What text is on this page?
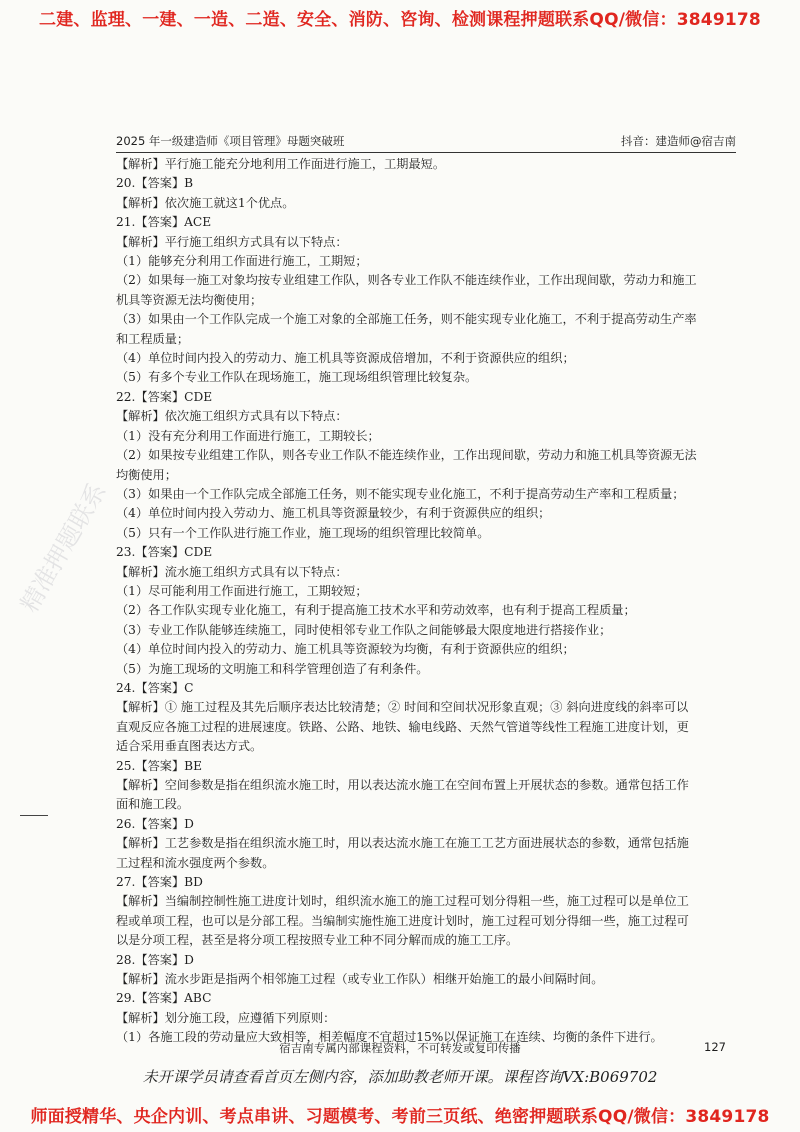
二建、监理、一建、一造、二造、安全、消防、咨询、检测课程押题联系QQ/微信：3849178
2025 年一级建造师《项目管理》母题突破班	抖音：建造师@宿吉南
精准押题联系

【解析】平行施工能充分地利用工作面进行施工，工期最短。

20.【答案】B

【解析】依次施工就这1个优点。

21.【答案】ACE

【解析】平行施工组织方式具有以下特点：

（1）能够充分利用工作面进行施工，工期短；

（2）如果每一施工对象均按专业组建工作队，则各专业工作队不能连续作业，工作出现间歇，劳动力和施工

机具等资源无法均衡使用；

（3）如果由一个工作队完成一个施工对象的全部施工任务，则不能实现专业化施工，不利于提高劳动生产率

和工程质量；

（4）单位时间内投入的劳动力、施工机具等资源成倍增加，不利于资源供应的组织；

（5）有多个专业工作队在现场施工，施工现场组织管理比较复杂。

22.【答案】CDE

【解析】依次施工组织方式具有以下特点：

（1）没有充分利用工作面进行施工，工期较长；

（2）如果按专业组建工作队，则各专业工作队不能连续作业，工作出现间歇，劳动力和施工机具等资源无法

均衡使用；

（3）如果由一个工作队完成全部施工任务，则不能实现专业化施工，不利于提高劳动生产率和工程质量；

（4）单位时间内投入劳动力、施工机具等资源量较少，有利于资源供应的组织；

（5）只有一个工作队进行施工作业，施工现场的组织管理比较简单。

23.【答案】CDE

【解析】流水施工组织方式具有以下特点：

（1）尽可能利用工作面进行施工，工期较短；

（2）各工作队实现专业化施工，有利于提高施工技术水平和劳动效率，也有利于提高工程质量；

（3）专业工作队能够连续施工，同时使相邻专业工作队之间能够最大限度地进行搭接作业；

（4）单位时间内投入的劳动力、施工机具等资源较为均衡，有利于资源供应的组织；

（5）为施工现场的文明施工和科学管理创造了有利条件。

24.【答案】C

【解析】① 施工过程及其先后顺序表达比较清楚；② 时间和空间状况形象直观；③ 斜向进度线的斜率可以

直观反应各施工过程的进展速度。铁路、公路、地铁、输电线路、天然气管道等线性工程施工进度计划，更

适合采用垂直图表达方式。

25.【答案】BE

【解析】空间参数是指在组织流水施工时，用以表达流水施工在空间布置上开展状态的参数。通常包括工作

面和施工段。

26.【答案】D

【解析】工艺参数是指在组织流水施工时，用以表达流水施工在施工工艺方面进展状态的参数，通常包括施

工过程和流水强度两个参数。

27.【答案】BD

【解析】当编制控制性施工进度计划时，组织流水施工的施工过程可划分得粗一些，施工过程可以是单位工

程或单项工程，也可以是分部工程。当编制实施性施工进度计划时，施工过程可划分得细一些，施工过程可

以是分项工程，甚至是将分项工程按照专业工种不同分解而成的施工工序。

28.【答案】D

【解析】流水步距是指两个相邻施工过程（或专业工作队）相继开始施工的最小间隔时间。

29.【答案】ABC

【解析】划分施工段，应遵循下列原则：

（1）各施工段的劳动量应大致相等，相差幅度不宜超过15%以保证施工在连续、均衡的条件下进行。

宿吉南专属内部课程资料，不可转发或复印传播	127
未开课学员请查看首页左侧内容，添加助教老师开课。课程咨询VX:B069702
师面授精华、央企内训、考点串讲、习题模考、考前三页纸、绝密押题联系QQ/微信：3849178
